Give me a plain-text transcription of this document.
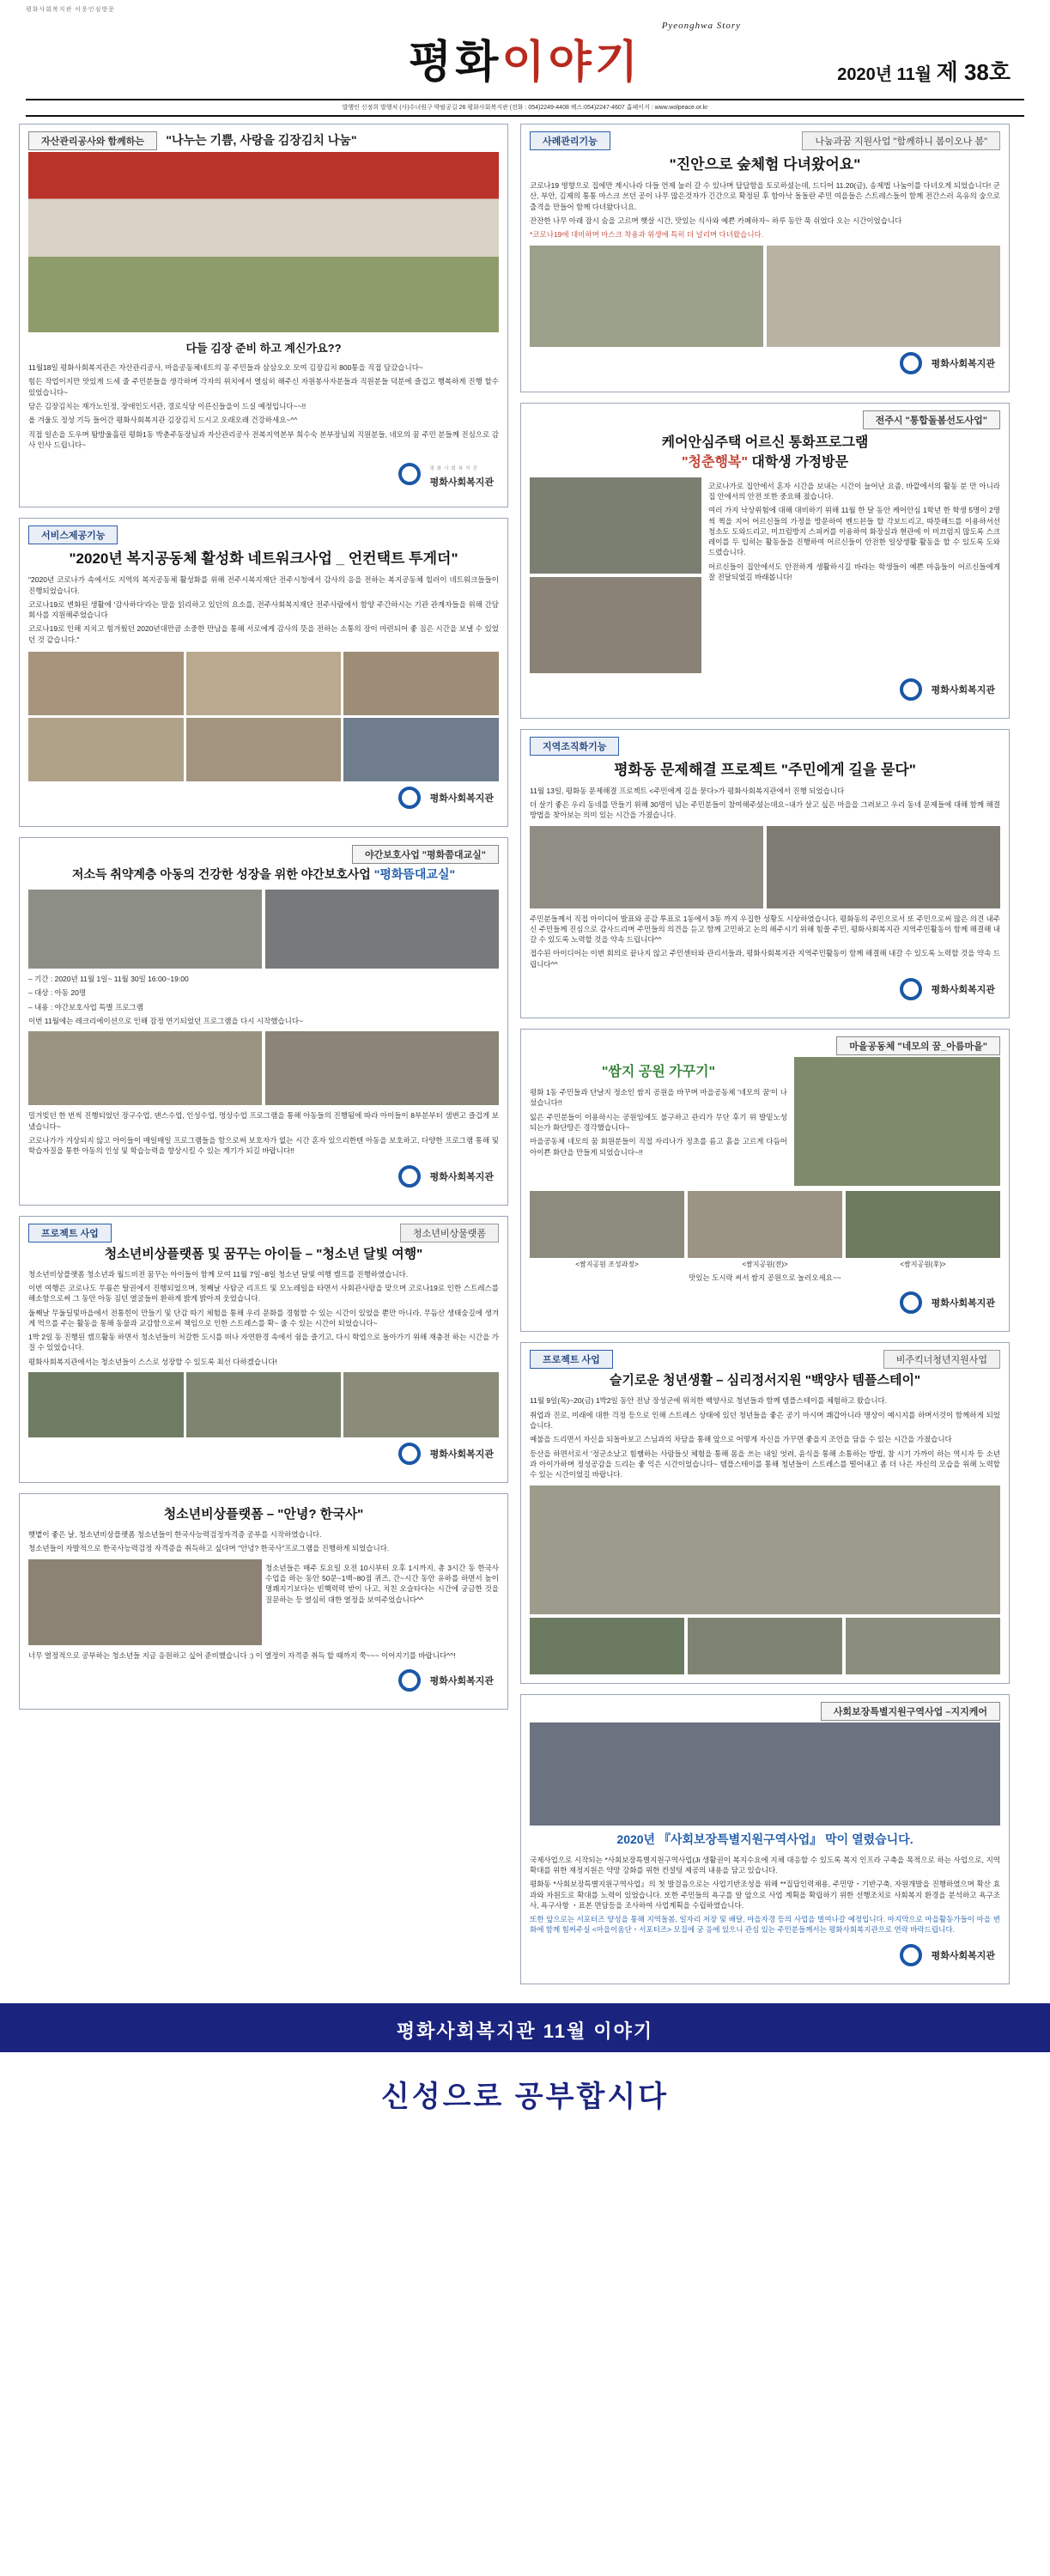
평화사회복지관 이웃인심방문
Pyeonghwa Story
평화이야기	2020년 11월 제 38호
발행인 신정희 발행처 (사)수녀원구 박팔공길 26 평화사회복지관 (전화 : 054)2249-4408 팩스:054)2247-4607 홈페이지 : www.wolpeace.or.kr
자산관리공사와 함께하는 "나누는 기쁨, 사랑을 김장김치 나눔"
다들 김장 준비 하고 계신가요??
11월18일 평화사회복지관은 자산관리공사, 마을공동체네트의 꽁 주민들과 삼삼오오 모여 김장김치 800통을 직접 담갔습니다~
힘든 작업이지만 맛있게 드세 줄 주민분들을 생각하며 각자의 위치에서 열심히 해주신 자원봉사자분들과 직원분들 덕분에 즐겁고 행복하게 진행 할수 있었습니다~
담은 김장김치는 재가노인정, 장애인도서관, 경로식당 이른신들을이 드실 예정입니다~~!!
올 겨울도 정성 기득 들어간 평화사회복지관 김장김치 드시고 오래오래 건강하세요~^^
직접 일손을 도우며 땀방울흘린 평화1동 박춘주동장님과 자산관리공사 전복지역본부 희수숙 본부장님외 직원분들, 네모의 꿈 주민 분들께 진심으로 감사 인사 드립니다~
평화사회복지관
평화사회복지관
서비스제공기능
"2020년 복지공동체 활성화 네트워크사업 _ 언컨택트 투게더"
"2020년 코로나가 속에서도 지역의 복지공동체 활성화를 위해 전주시복지재단 전주시청에서 감사의 응을 전하는 복지공동체 힐러이 네트워크들들이 진행되었습니다.
코로나19로 변화된 생활에 '감사하다'라는 말을 읽리하고 있던의 요소를, 전주사회복지재단 전주사람에서 함양 주간하시는 기관 관계자들을 위해 간담회사를 지원해주었습니다
코로나19로 인해 지치고 힘겨웠던 2020년대만큼 소중한 만남을 통해 서로에게 감사의 뜻을 전하는 소통의 장이 마련되어 좋 짐은 시간을 보낼 수 있었던 것 같습니다."
평화사회복지관
야간보호사업 "평화쯤대교실"
저소득 취약계층 아동의 건강한 성장을 위한 야간보호사업 "평화뜸대교실"
– 기간 : 2020년 11월 1일~ 11월 30일 16:00~19:00
– 대상 : 아동 20명
– 내용 : 야간보호사업 특별 프로그램
이번 11월에는 레크리에이션으로 인해 잠정 연기되었던 프로그램을 다시 시작했습니다~
밀겨빚던 한 번씩 진행되었던 장구수업, 댄스수업, 인성수업, 멍상수업 프로그램을 통해 아동들의 진행됨에 따라 아이들이 8부분부터 샘변고 즐겁게 보냈습니다~
코로나가가 겨상되지 않고 아이들이 매일매일 프로그램들을 함으로써 보호자가 없는 시간 혼자 있으리한텐 아동을 보호하고, 다양한 프로그램 통해 및 학습자질을 통한 아동의 인성 및 학습능력을 향상시킬 수 있는 계기가 되길 바랍니다!!
평화사회복지관
프로젝트 사업	청소년비상물랫폼
청소년비상플랫폼 및 꿈꾸는 아이들 – "청소년 달빛 여행"
청소년비상플랫폼 청소년과 월드비전 꿈꾸는 아이들이 함께 모여 11월 7일~8일 청소년 달빛 여행 캠프를 진행하였습니다.
이번 여행은 코로나도 무릎쓴 탈권에서 진행되었으며, 첫째날 사탐군 리프트 및 모노레일을 타면서 사회관사랑을 맞으며 코로나19로 인한 스트레스를 해소함으로써 그 동안 아동 짐던 열굴들이 환하게 밝게 밝아져 웃었습니다.
둘째날 무둘딜빛마을에서 전통힌이 만들기 및 단감 따기 체험을 통해 우리 문화를 경험할 수 있는 시간이 있었을 뿐만 아니라, 무듬산 생태숲길에 생겨게 먹으를 주는 활동을 통해 동물과 교감함으로써 책임으로 인한 스트레스를 확~ 줄 수 있는 시간이 되었습니다~
1박 2일 동 진행된 캠프활동 하면서 청소년들이 처갈한 도시를 떠나 자연환경 속에서 쉼을 즐기고, 다시 학업으로 돌아가기 위해 재충전 하는 시간을 가질 수 있었습니다.
평화사회복지관에서는 청소년들이 스스로 성장할 수 있도록 최선 다하겠습니다!
평화사회복지관
청소년비상플랫폼 – "안녕? 한국사"
햇볕이 좋은 날, 청소년비상플랫폼 청소년들이 한국사능력검정자격증 공부를 시작하였습니다.
청소년들이 자발적으로 한국사능력검정 자격증을 취득하고 싶다며 "안녕? 한국사"프로그램을 진행하게 되었습니다.
청소년들은 매주 토요일 오전 10시부터 오후 1시까지, 총 3시간 동 한국사 수업을 하는 동안 50문~1백~80점 퀴즈, 간~시간 동안 유하를 하면서 높이 명쾌지기보다는 빈핵력력 받이 나고, 치친 오슬타다는 시간에 궁금한 것을 질문하는 등 열심히 대한 열정을 보여주었습니다^^
너무 열정적으로 공부하는 청소년들 지금 응원하고 싶어 준비했습니다 :) 이 열정이 자격증 취득 할 때까지 쭉~~~ 이어지기를 바랍니다^^!
평화사회복지관
사례관리기능	나눔과꿈 지원사업 "함께하니 봄이오나 봄"
"진안으로 숲체험 다녀왔어요"
코로나19 영향으로 집에만 계시나라 다들 언제 눌러 갈 수 있나며 답답함을 토로하셨는데, 드디어 11.20(금), 송제법 나눔이를 다녀오게 되었습니다! 군산, 부안, 김제의 통통 마스크 쓰던 공이 나무 많은것자가 긴간으로 확정된 후 함아낙 돌돌란 주민 여을들은 스트레스들이 함께 전간스러 옥유의 숲으로 출격을 만들어 함께 다녀왔다니요.
잔잔한 나무 아래 잠시 숨을 고르며 햇살 시간, 맛있는 식사와 예쁜 카페하자~ 하루 동안 푹 쉬었다 오는 시간이었습니다
*코로나19에 대비하며 마스크 착용과 위생에 특히 더 널리며 다녀왔습니다.
평화사회복지관
전주시 "통합돌봄선도사업"
케어안심주택 어르신 통화프로그램
"청춘행복" 대학생 가정방문
코로나가로 집안에서 혼자 시간을 보내는 시간이 늘어난 요즘, 바깥에서의 활동 분 만 아니라 집 안에서의 안전 또한 중요해 졌습니다.
여러 가지 낙상위험에 대해 대비하기 위해 11월 한 달 동안 케어안심 1학년 한 학생 5명이 2명씩 찍을 지어 어르신들의 가정을 방문하여 벤드븐들 할 각보드리고, 따뜻해드를 이용하셔선 청소도 도와드리고, 미끄럼방지 스피커를 이용하여 화장실과 현관에 이 미끄럼지 많도록 스크레이를 두 입히는 활동들을 진행하여 어르신들이 안전한 일상생활 활동을 할 수 있도록 도와드렸습니다.
어르신들이 집안에서도 안전하게 생활하시길 바라는 학생들이 예쁜 마음들이 어르신들에게 잘 전달되었길 바래봅니다!
평화사회복지관
지역조직화기능
평화동 문제해결 프로젝트 "주민에게 길을 묻다"
11월 13일, 평화동 문제해결 프로젝트 <주민에게 길을 묻다>가 평화사회복지관에서 진행 되었습니다
더 살기 좋은 우리 동네를 만들기 위해 30명이 넘는 주민분들이 참여해주셨는데요~내가 살고 싶은 마을을 그려보고 우리 동네 문제들에 대해 함께 해결방법을 찾아보는 의미 있는 시간을 가졌습니다.
주민분들께서 직접 아이디어 발표와 공감 투표로 1동에서 3동 까지 우집한 성황도 시상하였습니다. 평화동의 주민으로서 또 주민으로써 많은 의견 내주신 주민들께 진심으로 감사드리며 주민들의 의견을 듣고 함께 고민하고 논의 해주시기 위해 힘쓸 주민, 평화사회복지관 지역주민활동이 함께 해결해 내갈 수 있도록 노력할 것을 약속 드립니다^^
접수된 아이디어는 이번 회의로 끝나지 않고 주민센터와 관리서들과, 평화사회복지관 지역주민활동이 함께 해결해 내갈 수 있도록 노력할 것을 약속 드립니다^^
평화사회복지관
마을공동체 "네모의 꿈_아름마을"
"쌈지 공원 가꾸기"
평화 1동 주민들과 단날지 정소인 쌈지 공원을 바꾸며 마을공동체 '네모의 꿈'이 나섰습니다!!
잃은 주민분들이 이용하시는 공원임에도 불구하고 관리가 무단 후기 위 발밑노성되는가 화단땅은 경각했습니다~
마을공동체 네모의 꿈 회원분들이 직접 자리나가 정초를 름고 흙을 고르게 다듬어 아이쁜 화단을 만들게 되었습니다~!!
<쌈지공원 조성과정>	<쌈지공원(전)>	<쌈지공원(후)>
맛있는 도시락 씨서 쌈지 공원으로 놀러오세요~~
평화사회복지관
프로젝트 사업	비주킥너청년지원사업
슬기로운 청년생활 – 심리정서지원 "백양사 템플스테이"
11월 9일(목)~20(금) 1박2일 동안 전남 장성군에 위치한 백양사로 청년들과 함께 템플스테이를 체험하고 왔습니다.
취업과 진로, 미래에 대한 걱정 등으로 인해 스트레스 상태에 있던 청년들을 좋은 공기 마시며 쾌갑아니라 명상이 예시지를 하며서것이 함께하게 되었습니다.
예불을 드리면서 자신을 되돌아보고 스님과의 차담을 통해 앞으로 어떻게 자신을 가꾸면 좋을지 조언을 담을 수 있는 시간을 가졌습니다
등산을 하면서로서 '정군소났고 힘쨈하는 사람들싯 체험을 통해 몸을 쓰는 내일 엇려, 윤식을 통해 소통하는 방법, 참 시기 가까이 하는 역시자 등 소년과 아이가하며 정성공감을 드리는 좋 익은 시간이었습니다~ 템플스테이를 통해 청년들이 스트레스를 떨어내고 좀 더 나은 자신의 모습을 위해 노력할 수 있는 시간이었길 바랍니다.
사회보장특별지원구역사업 –지지케어
2020년 『사회보장특별지원구역사업』 막이 열렸습니다.
국제사업으로 시작되는 *사회보장특별지원구역사업(Ji 생활권이 복지수요에 지체 대응할 수 있도록 복지 인프라 구축을 목적으로 하는 사업으로, 지역 확대를 위한 재정지원은 약망 강화를 위한 컨설팅 제공의 내용을 담고 있습니다.
평화동 *사회보장특별지원구역사업』의 첫 발걸음으로는 사업기반조성을 위해 **집답인력채용, 주민망・기반구축, 자원개발을 진행하였으며 확산 효과와 자원도로 확대를 노력이 있었습니다. 또한 주민들의 욕구를 알 앞으로 사업 계획을 확립하기 위한 선행조치로 사회복지 환경을 분석하고 욕구조사, 욕구사항 ・표본 면담등을 조사하여 사업계획을 수립하였습니다.
또한 앞으로는 서포터즈 양성을 통해 지역돌봄, 일자리 저장 및 배달, 마을자경 등의 사업을 벌여나갈 예정입니다. 마지막으로 마을활동가들이 마을 변화에 함께 힘써주실 <마을이움단・서포터즈> 모집에 궁 응에 있으니 관심 있는 주민분들께서는 평화사회복지관으로 연락 바락드립니다.
평화사회복지관
평화사회복지관 11월 이야기
신성으로 공부합시다
